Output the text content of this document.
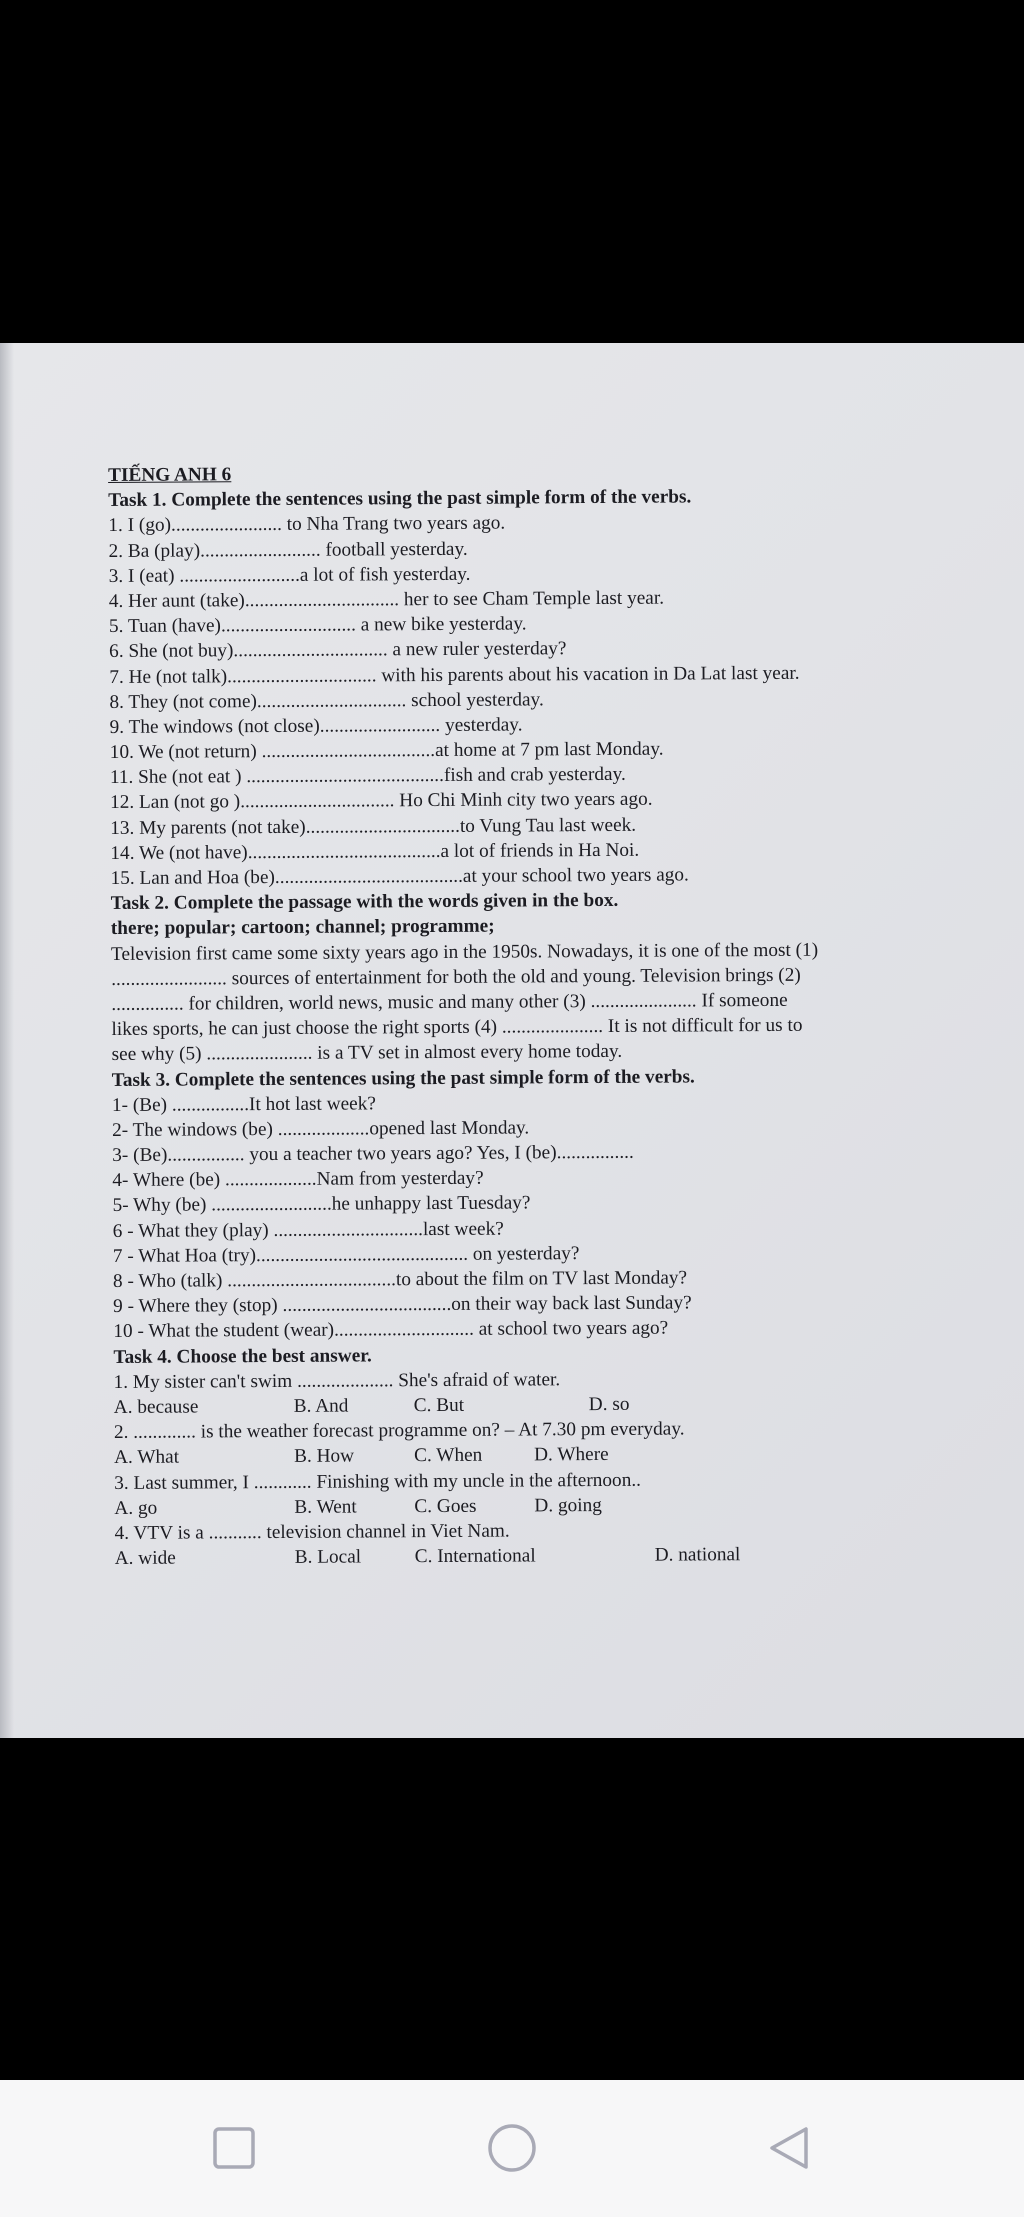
TIẾNG ANH 6
Task 1. Complete the sentences using the past simple form of the verbs.
1. I (go)....................... to Nha Trang two years ago.
2. Ba (play)......................... football yesterday.
3. I (eat) .........................a lot of fish yesterday.
4. Her aunt (take)................................ her to see Cham Temple last year.
5. Tuan (have)............................ a new bike yesterday.
6. She (not buy)................................ a new ruler yesterday?
7. He (not talk)............................... with his parents about his vacation in Da Lat last year.
8. They (not come)............................... school yesterday.
9. The windows (not close)......................... yesterday.
10. We (not return) ....................................at home at 7 pm last Monday.
11. She (not eat ) .........................................fish and crab yesterday.
12. Lan (not go )................................ Ho Chi Minh city two years ago.
13. My parents (not take)................................to Vung Tau last week.
14. We (not have)........................................a lot of friends in Ha Noi.
15. Lan and Hoa (be).......................................at your school two years ago.
Task 2. Complete the passage with the words given in the box.
there; popular; cartoon; channel; programme;
Television first came some sixty years ago in the 1950s. Nowadays, it is one of the most (1)
........................ sources of entertainment for both the old and young. Television brings (2)
............... for children, world news, music and many other (3) ...................... If someone
likes sports, he can just choose the right sports (4) ..................... It is not difficult for us to
see why (5) ...................... is a TV set in almost every home today.
Task 3. Complete the sentences using the past simple form of the verbs.
1- (Be) ................It hot last week?
2- The windows (be) ...................opened last Monday.
3- (Be)................ you a teacher two years ago? Yes, I (be)................
4- Where (be) ...................Nam from yesterday?
5- Why (be) .........................he unhappy last Tuesday?
6 - What they (play) ...............................last week?
7 - What Hoa (try)............................................ on yesterday?
8 - Who (talk) ...................................to about the film on TV last Monday?
9 - Where they (stop) ...................................on their way back last Sunday?
10 - What the student (wear)............................. at school two years ago?
Task 4. Choose the best answer.
1. My sister can't swim .................... She's afraid of water.
A. because	B. And	C. But	D. so
2. ............. is the weather forecast programme on? – At 7.30 pm everyday.
A. What	B. How	C. When	D. Where
3. Last summer, I ............ Finishing with my uncle in the afternoon..
A. go	B. Went	C. Goes	D. going
4. VTV is a ........... television channel in Viet Nam.
A. wide	B. Local	C. International	D. national
